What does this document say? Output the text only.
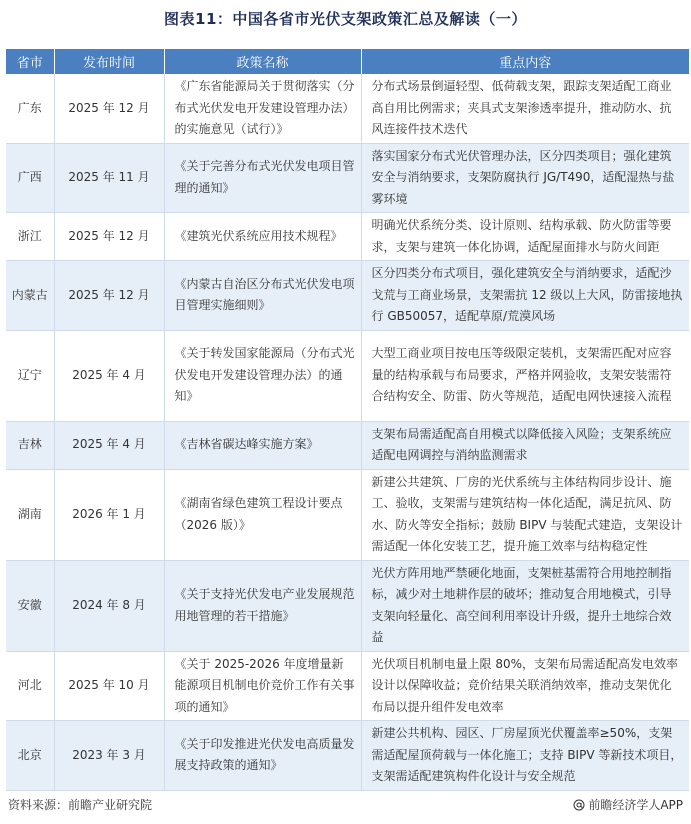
图表11：中国各省市光伏支架政策汇总及解读（一）
省市	发布时间	政策名称	重点内容
广东	2025 年 12 月	《广东省能源局关于贯彻落实（分布式光伏发电开发建设管理办法）的实施意见（试行）》	分布式场景倒逼轻型、低荷载支架，跟踪支架适配工商业高自用比例需求；夹具式支架渗透率提升，推动防水、抗风连接件技术迭代
广西	2025 年 11 月	《关于完善分布式光伏发电项目管理的通知》	落实国家分布式光伏管理办法，区分四类项目；强化建筑安全与消纳要求，支架防腐执行 JG/T490，适配湿热与盐雾环境
浙江	2025 年 12 月	《建筑光伏系统应用技术规程》	明确光伏系统分类、设计原则、结构承载、防火防雷等要求，支架与建筑一体化协调，适配屋面排水与防火间距
内蒙古	2025 年 12 月	《内蒙古自治区分布式光伏发电项目管理实施细则》	区分四类分布式项目，强化建筑安全与消纳要求，适配沙戈荒与工商业场景，支架需抗 12 级以上大风，防雷接地执行 GB50057，适配草原/荒漠风场
辽宁	2025 年 4 月	《关于转发国家能源局（分布式光伏发电开发建设管理办法）的通知》	大型工商业项目按电压等级限定装机，支架需匹配对应容量的结构承载与布局要求，严格并网验收，支架安装需符合结构安全、防雷、防火等规范，适配电网快速接入流程
吉林	2025 年 4 月	《吉林省碳达峰实施方案》	支架布局需适配高自用模式以降低接入风险；支架系统应适配电网调控与消纳监测需求
湖南	2026 年 1 月	《湖南省绿色建筑工程设计要点（2026 版）》	新建公共建筑、厂房的光伏系统与主体结构同步设计、施工、验收，支架需与建筑结构一体化适配，满足抗风、防水、防火等安全指标；鼓励 BIPV 与装配式建造，支架设计需适配一体化安装工艺，提升施工效率与结构稳定性
安徽	2024 年 8 月	《关于支持光伏发电产业发展规范用地管理的若干措施》	光伏方阵用地严禁硬化地面，支架桩基需符合用地控制指标，减少对土地耕作层的破坏；推动复合用地模式，引导支架向轻量化、高空间利用率设计升级，提升土地综合效益
河北	2025 年 10 月	《关于 2025-2026 年度增量新能源项目机制电价竞价工作有关事项的通知》	光伏项目机制电量上限 80%，支架布局需适配高发电效率设计以保障收益；竞价结果关联消纳效率，推动支架优化布局以提升组件发电效率
北京	2023 年 3 月	《关于印发推进光伏发电高质量发展支持政策的通知》	新建公共机构、园区、厂房屋顶光伏覆盖率≥50%，支架需适配屋顶荷载与一体化施工；支持 BIPV 等新技术项目，支架需适配建筑构件化设计与安全规范
资料来源：前瞻产业研究院	前瞻经济学人APP
